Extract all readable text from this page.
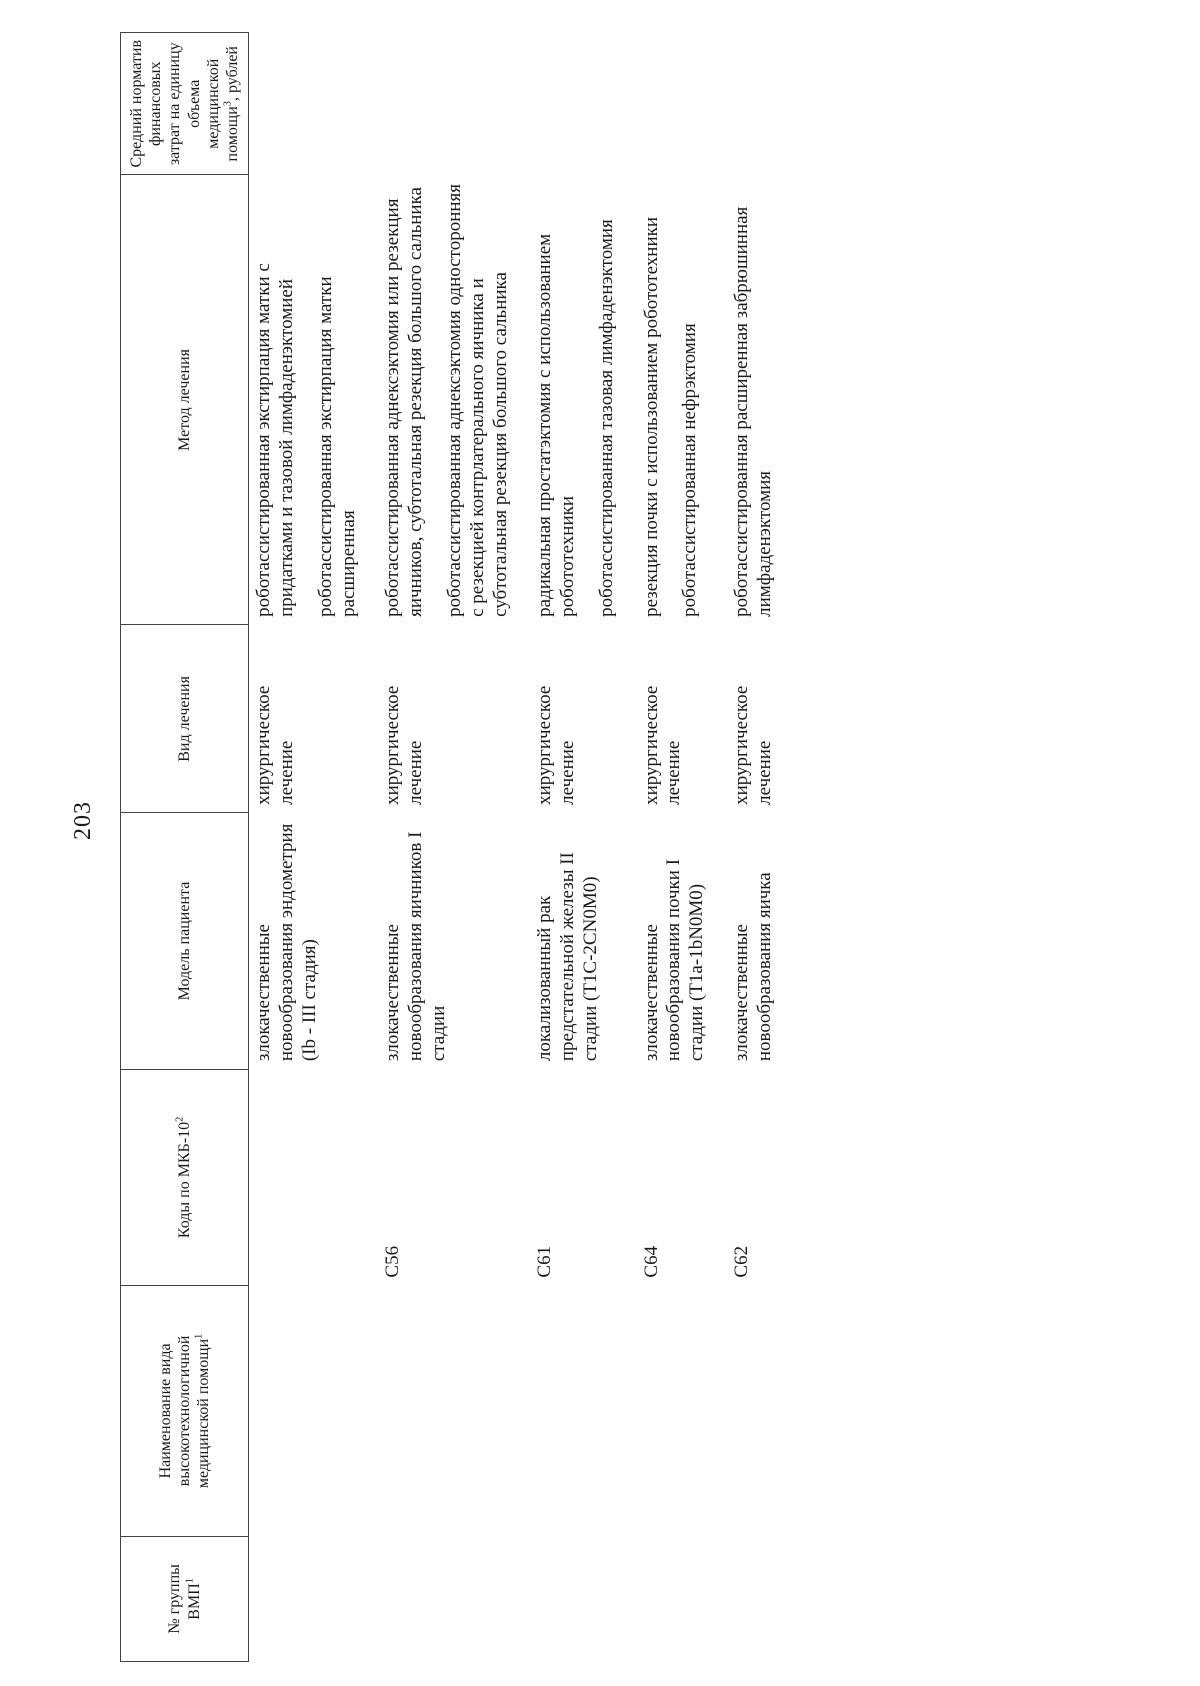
203
№ группы ВМП$^1$	Наименование вида высокотехнологичной медицинской помощи$^1$	Коды по МКБ-$10^2$	Модель пациента	Вид лечения	Метод лечения	Средний норматив финансовых затрат на единицу объема медицинской помощи$^3$, рублей
			злокачественные новообразования эндометрия (Ib - III стадия)	хирургическое лечение	роботассистированная экстирпация матки с придатками и тазовой лимфаденэктомией роботассистированная экстирпация матки расширенная	

		C56	злокачественные новообразования яичников I стадии	хирургическое лечение	роботассистированная аднексэктомия или резекция яичников, субтотальная резекция большого сальника роботассистированная аднексэктомия односторонняя с резекцией контрлатерального яичника и субтотальная резекция большого сальника	

		C61	локализованный рак предстательной железы II стадии (T1C-2CN0M0)	хирургическое лечение	радикальная простатэктомия с использованием робототехники роботассистированная тазовая лимфаденэктомия	

		C64	злокачественные новообразования почки I стадии (T1a-1bN0M0)	хирургическое лечение	резекция почки с использованием робототехники роботассистированная нефрэктомия	

		C62	злокачественные новообразования яичка	хирургическое лечение	роботассистированная расширенная забрюшинная лимфаденэктомия	
